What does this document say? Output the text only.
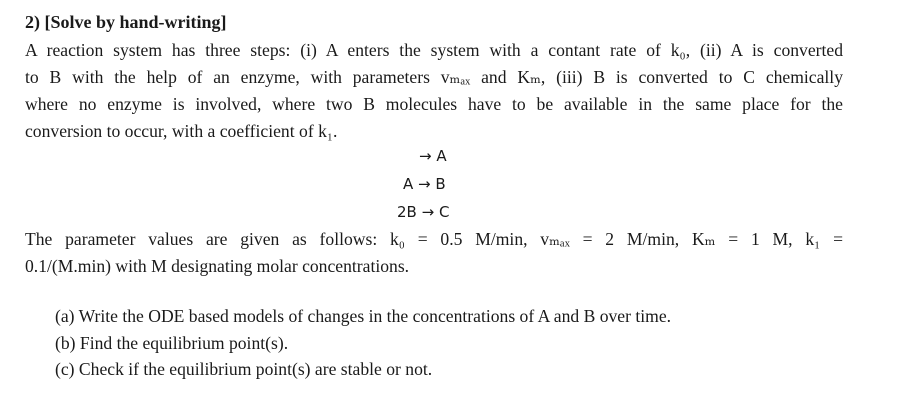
2) [Solve by hand-writing]
A reaction system has three steps: (i) A enters the system with a contant rate of k₀, (ii) A is converted
to B with the help of an enzyme, with parameters vₘₐₓ and Kₘ, (iii) B is converted to C chemically
where no enzyme is involved, where two B molecules have to be available in the same place for the
conversion to occur, with a coefficient of k₁.
→ A
A → B
2B → C
The parameter values are given as follows: k₀ = 0.5 M/min, vₘₐₓ = 2 M/min, Kₘ = 1 M, k₁ =
0.1/(M.min) with M designating molar concentrations.
(a) Write the ODE based models of changes in the concentrations of A and B over time.
(b) Find the equilibrium point(s).
(c) Check if the equilibrium point(s) are stable or not.
